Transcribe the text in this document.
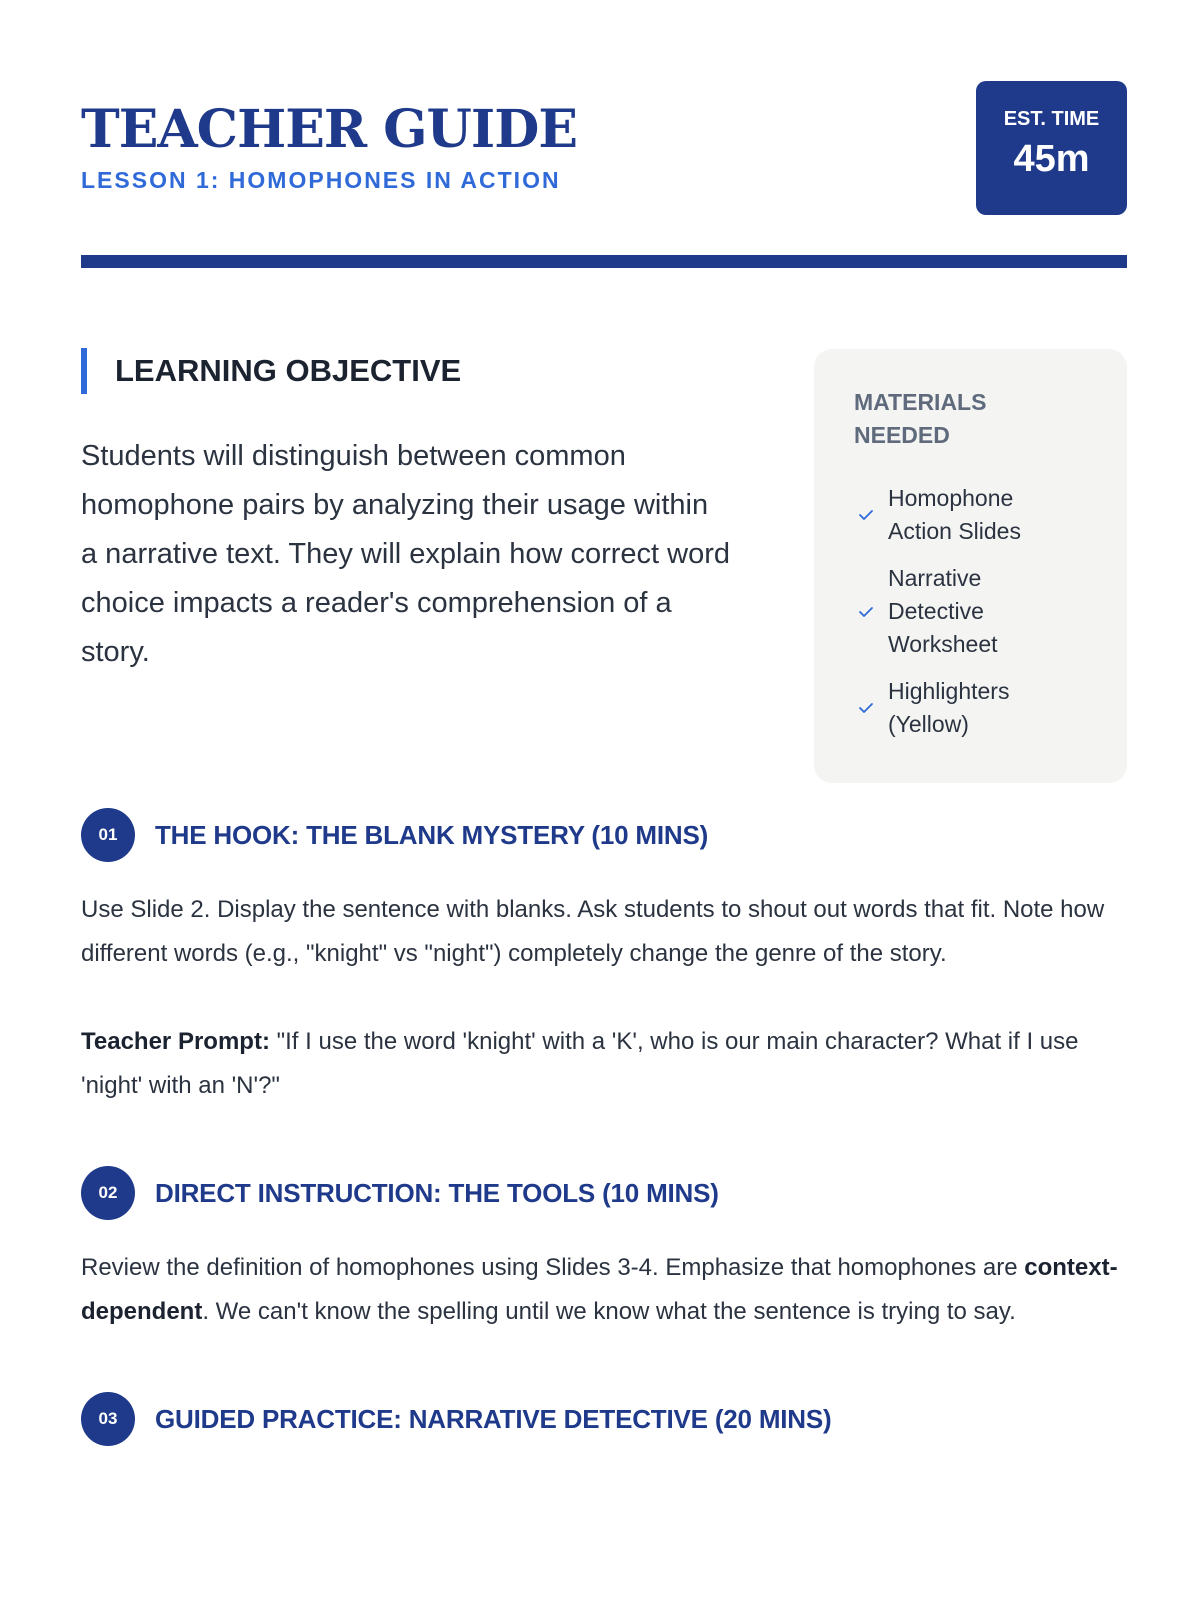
TEACHER GUIDE
LESSON 1: HOMOPHONES IN ACTION
EST. TIME
45m
LEARNING OBJECTIVE

Students will distinguish between common homophone pairs by analyzing their usage within a narrative text. They will explain how correct word choice impacts a reader's comprehension of a story.

MATERIALS NEEDED
Homophone Action Slides
Narrative Detective Worksheet
Highlighters (Yellow)
01	THE HOOK: THE BLANK MYSTERY (10 MINS)

Use Slide 2. Display the sentence with blanks. Ask students to shout out words that fit. Note how different words (e.g., "knight" vs "night") completely change the genre of the story.

Teacher Prompt: "If I use the word 'knight' with a 'K', who is our main character? What if I use 'night' with an 'N'?"

02	DIRECT INSTRUCTION: THE TOOLS (10 MINS)

Review the definition of homophones using Slides 3-4. Emphasize that homophones are context-dependent. We can't know the spelling until we know what the sentence is trying to say.

03	GUIDED PRACTICE: NARRATIVE DETECTIVE (20 MINS)
